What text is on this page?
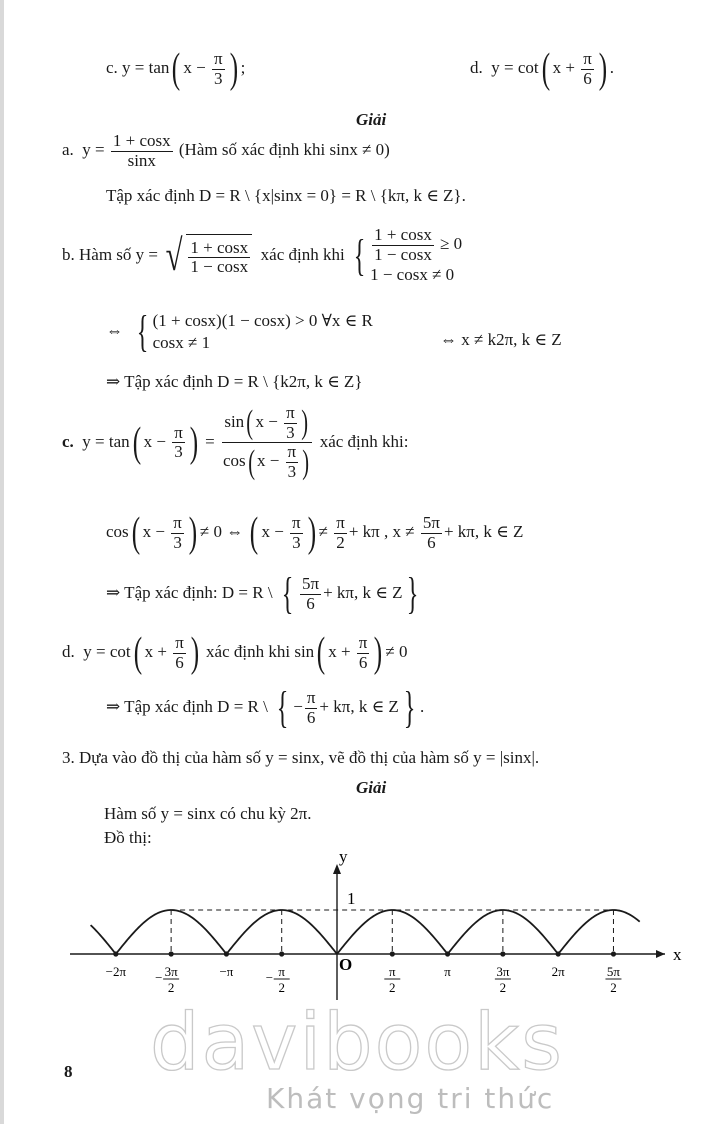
c. y = tan( $x - \frac{\pi}{3}$ ) ;	d. y = cot( $x + \frac{\pi}{6}$ ) .
Giải
a. $y = \frac{1 + \cos x}{\sin x}$ (Hàm số xác định khi sinx ≠ 0)
Tập xác định D = R \ {x|sinx = 0} = R \ {kπ, k ∈ Z}.
b. Hàm số y = √ $\frac{1 + \cos x}{1 - \cos x}$ xác định khi { $\frac{1 + \cos x}{1 - \cos x} \ge 0$
1 − cosx ≠ 0
⇔ { (1 + cosx)(1 − cosx) > 0 ∀x ∈ R
cosx ≠ 1	⇔ x ≠ k2π, k ∈ Z
⇒ Tập xác định D = R \ {k2π, k ∈ Z}
c. y = tan( $x - \frac{\pi}{3}$ ) = $\frac{\sin( x - \frac{\pi}{3} )}{\cos( x - \frac{\pi}{3} )}$ xác định khi:
cos( $x - \frac{\pi}{3}$ ) ≠ 0 ⇔ ( $x - \frac{\pi}{3}$ ) ≠ $\frac{\pi}{2} + k\pi$ , $x \ne \frac{5\pi}{6} + k\pi$, k ∈ Z
⇒ Tập xác định: D = R \ { $\frac{5\pi}{6} + k\pi$, k ∈ Z }
d. y = cot( $x + \frac{\pi}{6}$ ) xác định khi sin( $x + \frac{\pi}{6}$ ) ≠ 0
⇒ Tập xác định D = R \ { − $\frac{\pi}{6} + k\pi$, k ∈ Z } .
3. Dựa vào đồ thị của hàm số y = sinx, vẽ đồ thị của hàm số y = |sinx|.
Giải
Hàm số y = sinx có chu kỳ 2π.
Đồ thị:
x
y
O
1
−2π − 3π
2
−π − π
2
π
2
π	3π
2
2π	5π
2
8 davibooks
Khát vọng tri thức
